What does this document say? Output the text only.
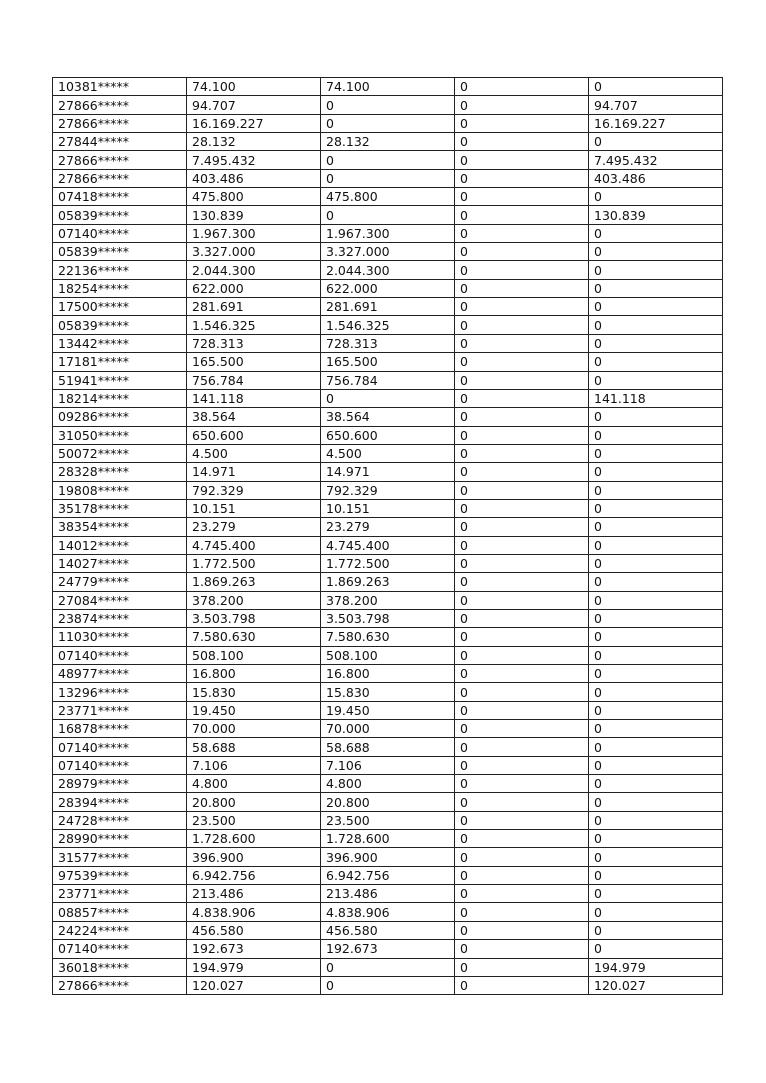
10381*****	74.100	74.100	0	0
27866*****	94.707	0	0	94.707
27866*****	16.169.227	0	0	16.169.227
27844*****	28.132	28.132	0	0
27866*****	7.495.432	0	0	7.495.432
27866*****	403.486	0	0	403.486
07418*****	475.800	475.800	0	0
05839*****	130.839	0	0	130.839
07140*****	1.967.300	1.967.300	0	0
05839*****	3.327.000	3.327.000	0	0
22136*****	2.044.300	2.044.300	0	0
18254*****	622.000	622.000	0	0
17500*****	281.691	281.691	0	0
05839*****	1.546.325	1.546.325	0	0
13442*****	728.313	728.313	0	0
17181*****	165.500	165.500	0	0
51941*****	756.784	756.784	0	0
18214*****	141.118	0	0	141.118
09286*****	38.564	38.564	0	0
31050*****	650.600	650.600	0	0
50072*****	4.500	4.500	0	0
28328*****	14.971	14.971	0	0
19808*****	792.329	792.329	0	0
35178*****	10.151	10.151	0	0
38354*****	23.279	23.279	0	0
14012*****	4.745.400	4.745.400	0	0
14027*****	1.772.500	1.772.500	0	0
24779*****	1.869.263	1.869.263	0	0
27084*****	378.200	378.200	0	0
23874*****	3.503.798	3.503.798	0	0
11030*****	7.580.630	7.580.630	0	0
07140*****	508.100	508.100	0	0
48977*****	16.800	16.800	0	0
13296*****	15.830	15.830	0	0
23771*****	19.450	19.450	0	0
16878*****	70.000	70.000	0	0
07140*****	58.688	58.688	0	0
07140*****	7.106	7.106	0	0
28979*****	4.800	4.800	0	0
28394*****	20.800	20.800	0	0
24728*****	23.500	23.500	0	0
28990*****	1.728.600	1.728.600	0	0
31577*****	396.900	396.900	0	0
97539*****	6.942.756	6.942.756	0	0
23771*****	213.486	213.486	0	0
08857*****	4.838.906	4.838.906	0	0
24224*****	456.580	456.580	0	0
07140*****	192.673	192.673	0	0
36018*****	194.979	0	0	194.979
27866*****	120.027	0	0	120.027
